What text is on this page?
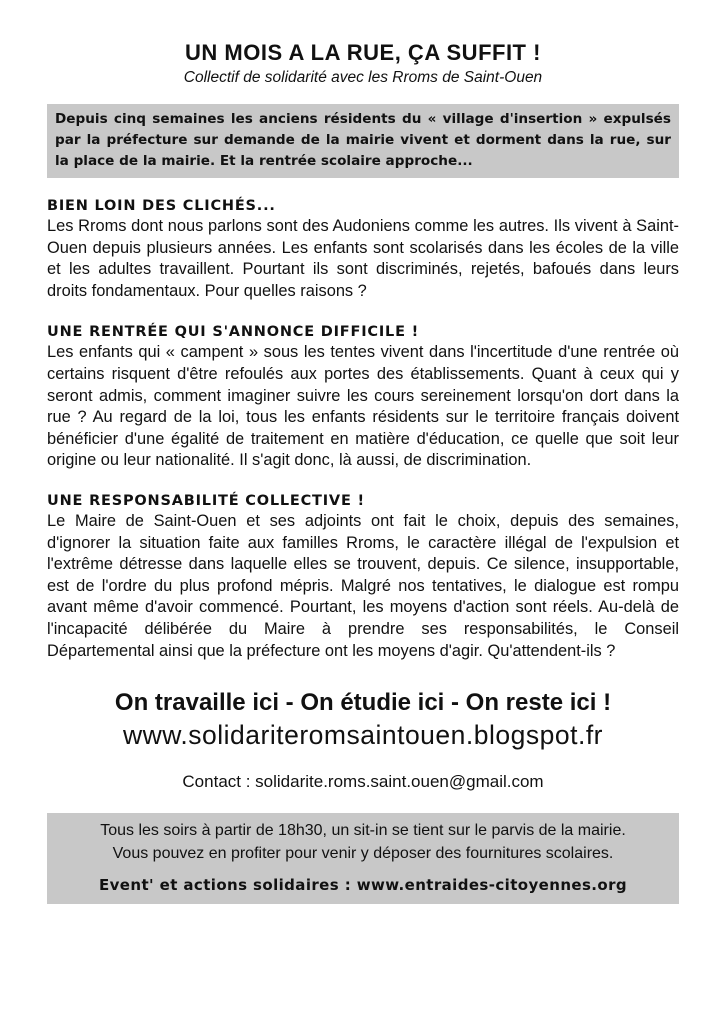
UN MOIS A LA RUE, ÇA SUFFIT !

Collectif de solidarité avec les Rroms de Saint-Ouen

Depuis cinq semaines les anciens résidents du « village d'insertion » expulsés par la préfecture sur demande de la mairie vivent et dorment dans la rue, sur la place de la mairie. Et la rentrée scolaire approche...
BIEN LOIN DES CLICHÉS...

Les Rroms dont nous parlons sont des Audoniens comme les autres. Ils vivent à Saint-Ouen depuis plusieurs années. Les enfants sont scolarisés dans les écoles de la ville et les adultes travaillent. Pourtant ils sont discriminés, rejetés, bafoués dans leurs droits fondamentaux. Pour quelles raisons ?

UNE RENTRÉE QUI S'ANNONCE DIFFICILE !

Les enfants qui « campent » sous les tentes vivent dans l'incertitude d'une rentrée où certains risquent d'être refoulés aux portes des établissements. Quant à ceux qui y seront admis, comment imaginer suivre les cours sereinement lorsqu'on dort dans la rue ? Au regard de la loi, tous les enfants résidents sur le territoire français doivent bénéficier d'une égalité de traitement en matière d'éducation, ce quelle que soit leur origine ou leur nationalité. Il s'agit donc, là aussi, de discrimination.

UNE RESPONSABILITÉ COLLECTIVE !

Le Maire de Saint-Ouen et ses adjoints ont fait le choix, depuis des semaines, d'ignorer la situation faite aux familles Rroms, le caractère illégal de l'expulsion et l'extrême détresse dans laquelle elles se trouvent, depuis. Ce silence, insupportable, est de l'ordre du plus profond mépris. Malgré nos tentatives, le dialogue est rompu avant même d'avoir commencé. Pourtant, les moyens d'action sont réels. Au-delà de l'incapacité délibérée du Maire à prendre ses responsabilités, le Conseil Départemental ainsi que la préfecture ont les moyens d'agir. Qu'attendent-ils ?

On travaille ici - On étudie ici - On reste ici !

www.solidariteromsaintouen.blogspot.fr

Contact : solidarite.roms.saint.ouen@gmail.com

Tous les soirs à partir de 18h30, un sit-in se tient sur le parvis de la mairie.

Vous pouvez en profiter pour venir y déposer des fournitures scolaires.

Event' et actions solidaires : www.entraides-citoyennes.org
